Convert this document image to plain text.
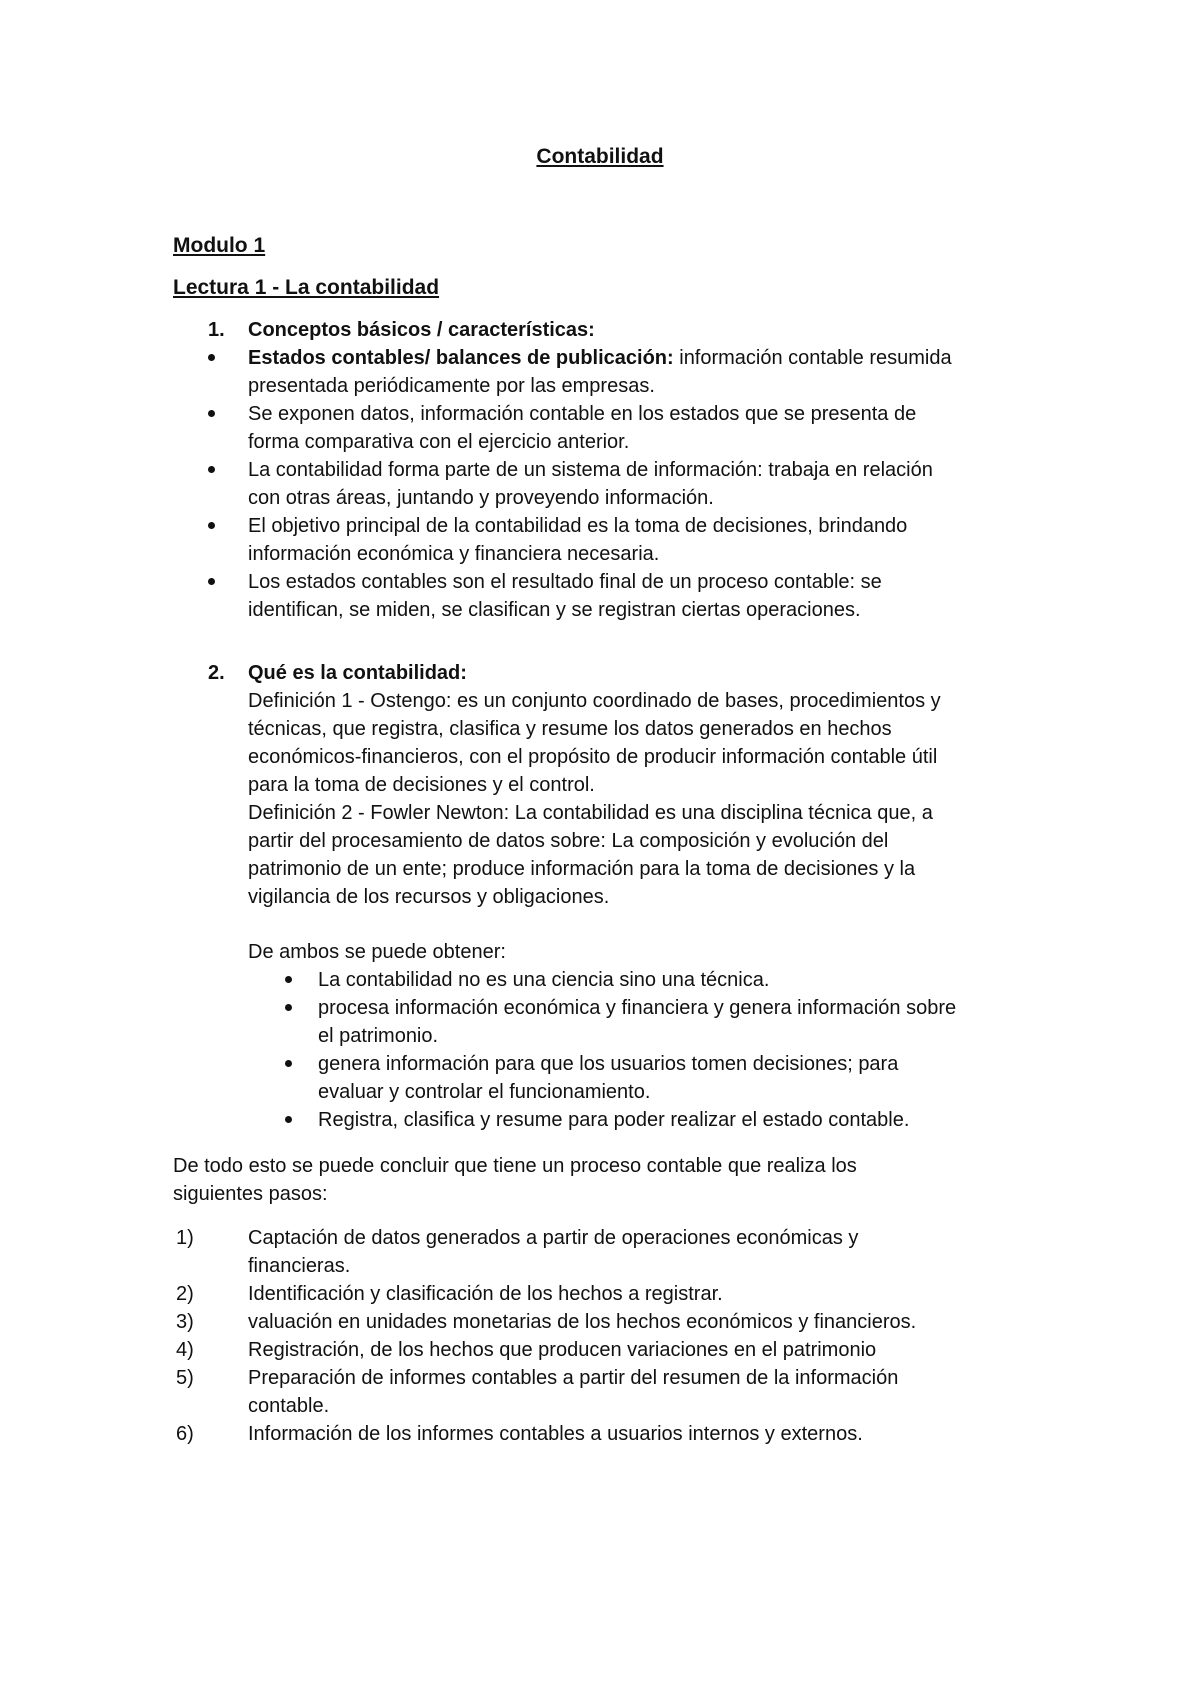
Contabilidad
Modulo 1
Lectura 1 - La contabilidad
1. Conceptos básicos / características:
Estados contables/ balances de publicación: información contable resumida
presentada periódicamente por las empresas.
Se exponen datos, información contable en los estados que se presenta de
forma comparativa con el ejercicio anterior.
La contabilidad forma parte de un sistema de información: trabaja en relación
con otras áreas, juntando y proveyendo información.
El objetivo principal de la contabilidad es la toma de decisiones, brindando
información económica y financiera necesaria.
Los estados contables son el resultado final de un proceso contable: se
identifican, se miden, se clasifican y se registran ciertas operaciones.
2. Qué es la contabilidad:
Definición 1 - Ostengo: es un conjunto coordinado de bases, procedimientos y
técnicas, que registra, clasifica y resume los datos generados en hechos
económicos-financieros, con el propósito de producir información contable útil
para la toma de decisiones y el control.
Definición 2 - Fowler Newton: La contabilidad es una disciplina técnica que, a
partir del procesamiento de datos sobre: La composición y evolución del
patrimonio de un ente; produce información para la toma de decisiones y la
vigilancia de los recursos y obligaciones.
De ambos se puede obtener:
La contabilidad no es una ciencia sino una técnica.
procesa información económica y financiera y genera información sobre
el patrimonio.
genera información para que los usuarios tomen decisiones; para
evaluar y controlar el funcionamiento.
Registra, clasifica y resume para poder realizar el estado contable.
De todo esto se puede concluir que tiene un proceso contable que realiza los
siguientes pasos:
1)	Captación de datos generados a partir de operaciones económicas y
financieras.
2)	Identificación y clasificación de los hechos a registrar.
3)	valuación en unidades monetarias de los hechos económicos y financieros.
4)	Registración, de los hechos que producen variaciones en el patrimonio
5)	Preparación de informes contables a partir del resumen de la información
contable.
6)	Información de los informes contables a usuarios internos y externos.
